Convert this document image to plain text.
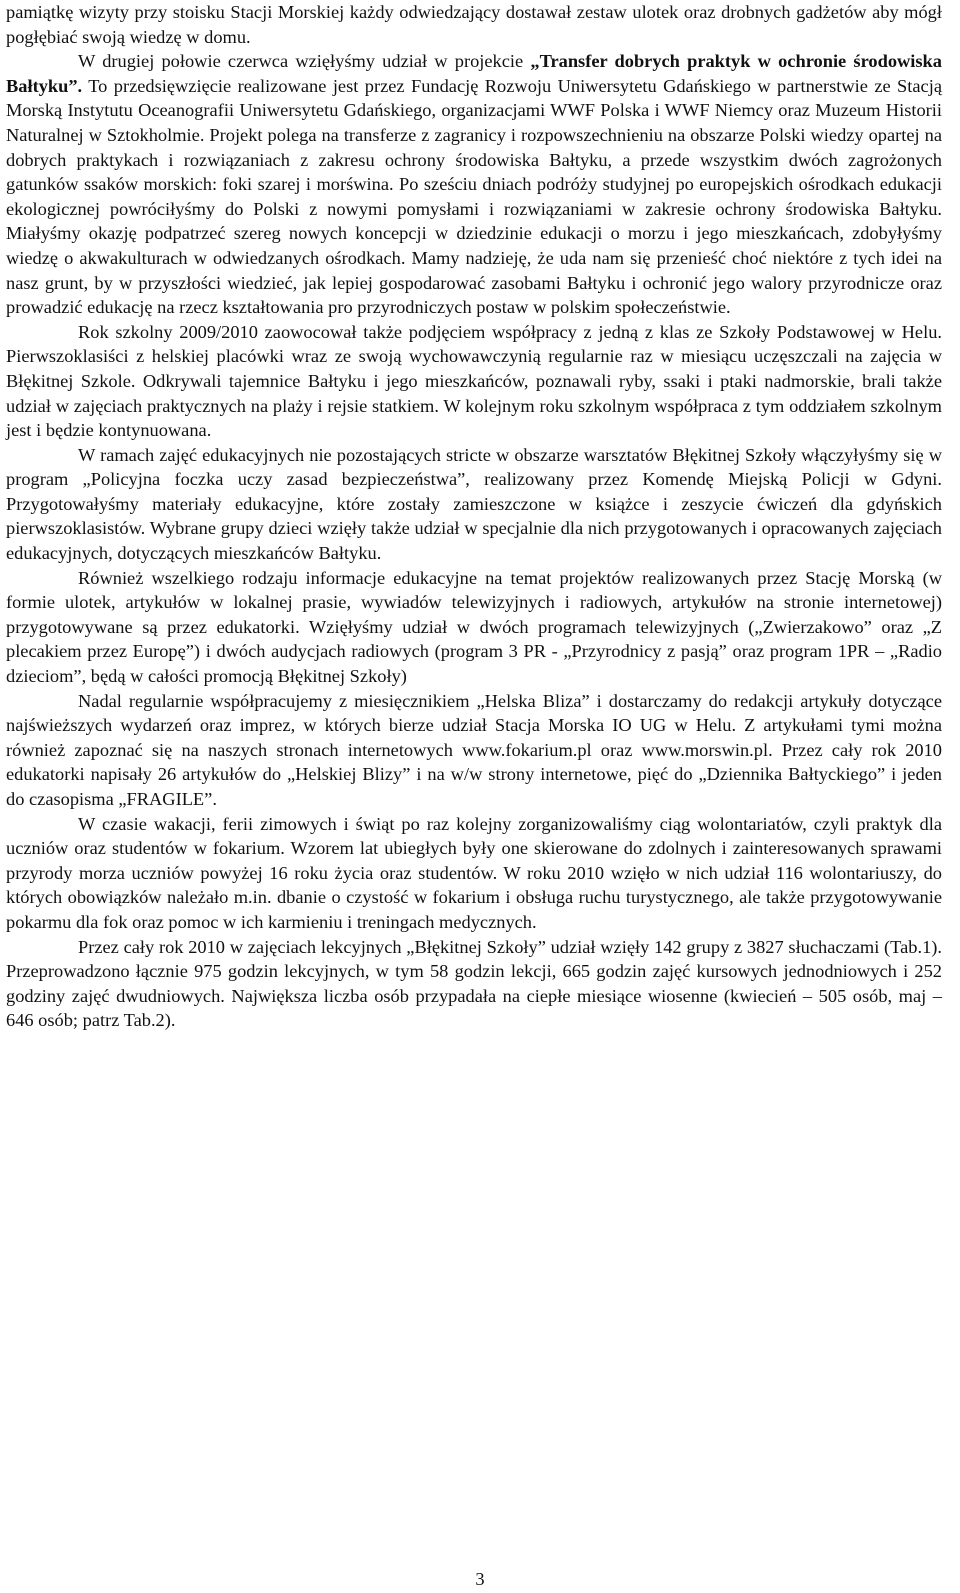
pamiątkę wizyty przy stoisku Stacji Morskiej każdy odwiedzający dostawał zestaw ulotek oraz drobnych gadżetów aby mógł pogłębiać swoją wiedzę w domu.

W drugiej połowie czerwca wzięłyśmy udział w projekcie „Transfer dobrych praktyk w ochronie środowiska Bałtyku”. To przedsięwzięcie realizowane jest przez Fundację Rozwoju Uniwersytetu Gdańskiego w partnerstwie ze Stacją Morską Instytutu Oceanografii Uniwersytetu Gdańskiego, organizacjami WWF Polska i WWF Niemcy oraz Muzeum Historii Naturalnej w Sztokholmie. Projekt polega na transferze z zagranicy i rozpowszechnieniu na obszarze Polski wiedzy opartej na dobrych praktykach i rozwiązaniach z zakresu ochrony środowiska Bałtyku, a przede wszystkim dwóch zagrożonych gatunków ssaków morskich: foki szarej i morświna. Po sześciu dniach podróży studyjnej po europejskich ośrodkach edukacji ekologicznej powróciłyśmy do Polski z nowymi pomysłami i rozwiązaniami w zakresie ochrony środowiska Bałtyku. Miałyśmy okazję podpatrzeć szereg nowych koncepcji w dziedzinie edukacji o morzu i jego mieszkańcach, zdobyłyśmy wiedzę o akwakulturach w odwiedzanych ośrodkach. Mamy nadzieję, że uda nam się przenieść choć niektóre z tych idei na nasz grunt, by w przyszłości wiedzieć, jak lepiej gospodarować zasobami Bałtyku i ochronić jego walory przyrodnicze oraz prowadzić edukację na rzecz kształtowania pro przyrodniczych postaw w polskim społeczeństwie.

Rok szkolny 2009/2010 zaowocował także podjęciem współpracy z jedną z klas ze Szkoły Podstawowej w Helu. Pierwszoklasiści z helskiej placówki wraz ze swoją wychowawczynią regularnie raz w miesiącu uczęszczali na zajęcia w Błękitnej Szkole. Odkrywali tajemnice Bałtyku i jego mieszkańców, poznawali ryby, ssaki i ptaki nadmorskie, brali także udział w zajęciach praktycznych na plaży i rejsie statkiem. W kolejnym roku szkolnym współpraca z tym oddziałem szkolnym jest i będzie kontynuowana.

W ramach zajęć edukacyjnych nie pozostających stricte w obszarze warsztatów Błękitnej Szkoły włączyłyśmy się w program „Policyjna foczka uczy zasad bezpieczeństwa”, realizowany przez Komendę Miejską Policji w Gdyni. Przygotowałyśmy materiały edukacyjne, które zostały zamieszczone w książce i zeszycie ćwiczeń dla gdyńskich pierwszoklasistów. Wybrane grupy dzieci wzięły także udział w specjalnie dla nich przygotowanych i opracowanych zajęciach edukacyjnych, dotyczących mieszkańców Bałtyku.

Również wszelkiego rodzaju informacje edukacyjne na temat projektów realizowanych przez Stację Morską (w formie ulotek, artykułów w lokalnej prasie, wywiadów telewizyjnych i radiowych, artykułów na stronie internetowej) przygotowywane są przez edukatorki. Wzięłyśmy udział w dwóch programach telewizyjnych („Zwierzakowo” oraz „Z plecakiem przez Europę”) i dwóch audycjach radiowych (program 3 PR - „Przyrodnicy z pasją” oraz program 1PR – „Radio dzieciom”, będą w całości promocją Błękitnej Szkoły)

Nadal regularnie współpracujemy z miesięcznikiem „Helska Bliza” i dostarczamy do redakcji artykuły dotyczące najświeższych wydarzeń oraz imprez, w których bierze udział Stacja Morska IO UG w Helu. Z artykułami tymi można również zapoznać się na naszych stronach internetowych www.fokarium.pl oraz www.morswin.pl. Przez cały rok 2010 edukatorki napisały 26 artykułów do „Helskiej Blizy” i na w/w strony internetowe, pięć do „Dziennika Bałtyckiego” i jeden do czasopisma „FRAGILE”.

W czasie wakacji, ferii zimowych i świąt po raz kolejny zorganizowaliśmy ciąg wolontariatów, czyli praktyk dla uczniów oraz studentów w fokarium. Wzorem lat ubiegłych były one skierowane do zdolnych i zainteresowanych sprawami przyrody morza uczniów powyżej 16 roku życia oraz studentów. W roku 2010 wzięło w nich udział 116 wolontariuszy, do których obowiązków należało m.in. dbanie o czystość w fokarium i obsługa ruchu turystycznego, ale także przygotowywanie pokarmu dla fok oraz pomoc w ich karmieniu i treningach medycznych.

Przez cały rok 2010 w zajęciach lekcyjnych „Błękitnej Szkoły” udział wzięły 142 grupy z 3827 słuchaczami (Tab.1). Przeprowadzono łącznie 975 godzin lekcyjnych, w tym 58 godzin lekcji, 665 godzin zajęć kursowych jednodniowych i 252 godziny zajęć dwudniowych. Największa liczba osób przypadała na ciepłe miesiące wiosenne (kwiecień – 505 osób, maj – 646 osób; patrz Tab.2).

3
